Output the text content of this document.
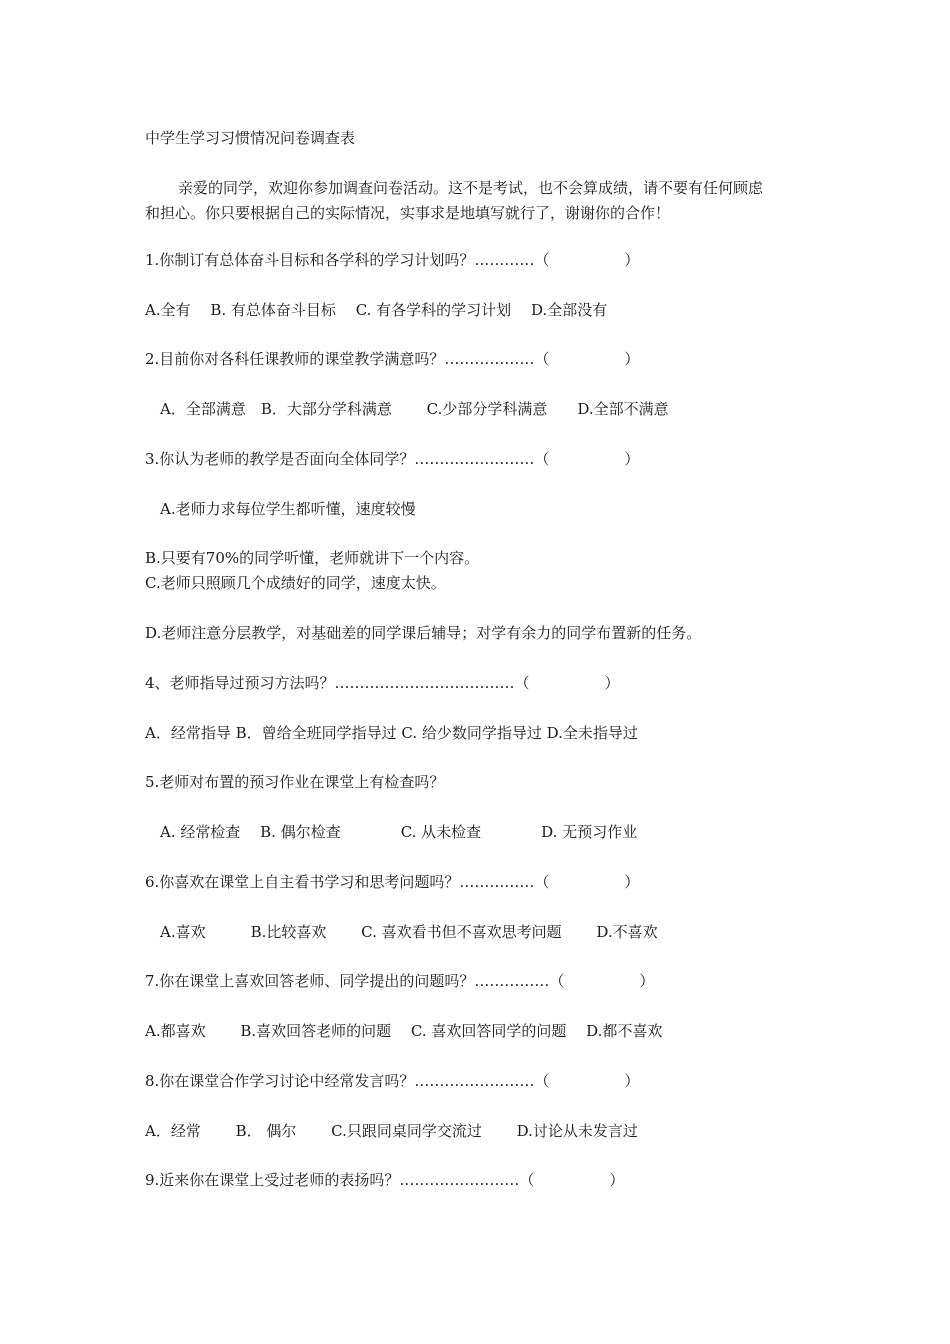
中学生学习习惯情况问卷调查表
亲爱的同学，欢迎你参加调查问卷活动。这不是考试，也不会算成绩，请不要有任何顾虑
和担心。你只要根据自己的实际情况，实事求是地填写就行了，谢谢你的合作！
1.你制订有总体奋斗目标和各学科的学习计划吗？…………（　　　　　）
A.全有　 B. 有总体奋斗目标　 C. 有各学科的学习计划　 D.全部没有
2.目前你对各科任课教师的课堂教学满意吗？………………（　　　　　）
　A．全部满意　B．大部分学科满意　　 C.少部分学科满意　　D.全部不满意
3.你认为老师的教学是否面向全体同学？……………………（　　　　　）
　A.老师力求每位学生都听懂，速度较慢
B.只要有70%的同学听懂，老师就讲下一个内容。
C.老师只照顾几个成绩好的同学，速度太快。
D.老师注意分层教学，对基础差的同学课后辅导；对学有余力的同学布置新的任务。
4、老师指导过预习方法吗？………………………………（　　　　　）
A．经常指导 B．曾给全班同学指导过 C. 给少数同学指导过 D.全未指导过
5.老师对布置的预习作业在课堂上有检查吗？
　A. 经常检查　 B. 偶尔检查　　　　C. 从未检查　　　　D. 无预习作业
6.你喜欢在课堂上自主看书学习和思考问题吗？……………（　　　　　）
　A.喜欢　　　B.比较喜欢　　 C. 喜欢看书但不喜欢思考问题　　 D.不喜欢
7.你在课堂上喜欢回答老师、同学提出的问题吗？……………（　　　　　）
A.都喜欢　　 B.喜欢回答老师的问题　 C. 喜欢回答同学的问题　 D.都不喜欢
8.你在课堂合作学习讨论中经常发言吗？……………………（　　　　　）
A．经常　　 B． 偶尔　　 C.只跟同桌同学交流过　　 D.讨论从未发言过
9.近来你在课堂上受过老师的表扬吗？……………………（　　　　　）
